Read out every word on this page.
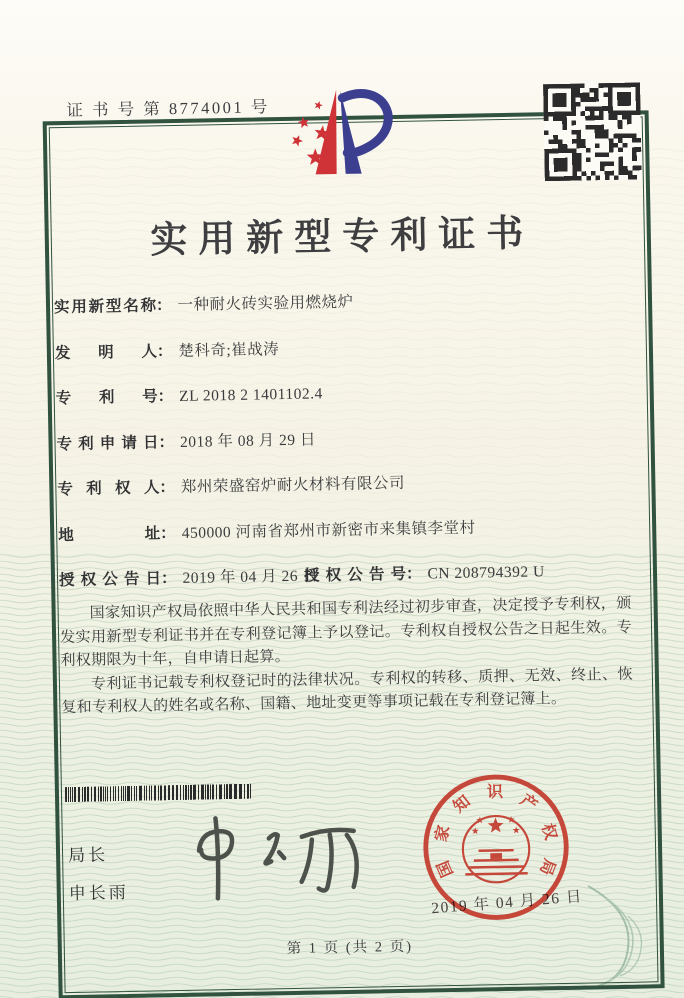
证 书 号 第 8774001 号
实用新型专利证书
实用新型名称： 一种耐火砖实验用燃烧炉
发明人： 楚科奇;崔战涛
专利号： ZL 2018 2 1401102.4
专利申请日： 2018 年 08 月 29 日
专利权人： 郑州荣盛窑炉耐火材料有限公司
地址： 450000 河南省郑州市新密市来集镇李堂村
授权公告日： 2019 年 04 月 26 日
授权公告号： CN 208794392 U

国家知识产权局依照中华人民共和国专利法经过初步审查，决定授予专利权，颁发实用新型专利证书并在专利登记簿上予以登记。专利权自授权公告之日起生效。专利权期限为十年，自申请日起算。

专利证书记载专利权登记时的法律状况。专利权的转移、质押、无效、终止、恢复和专利权人的姓名或名称、国籍、地址变更等事项记载在专利登记簿上。

局长
申长雨
国
家
知
识 产
权
局
2019 年 04 月 26 日
第 1 页 (共 2 页)
